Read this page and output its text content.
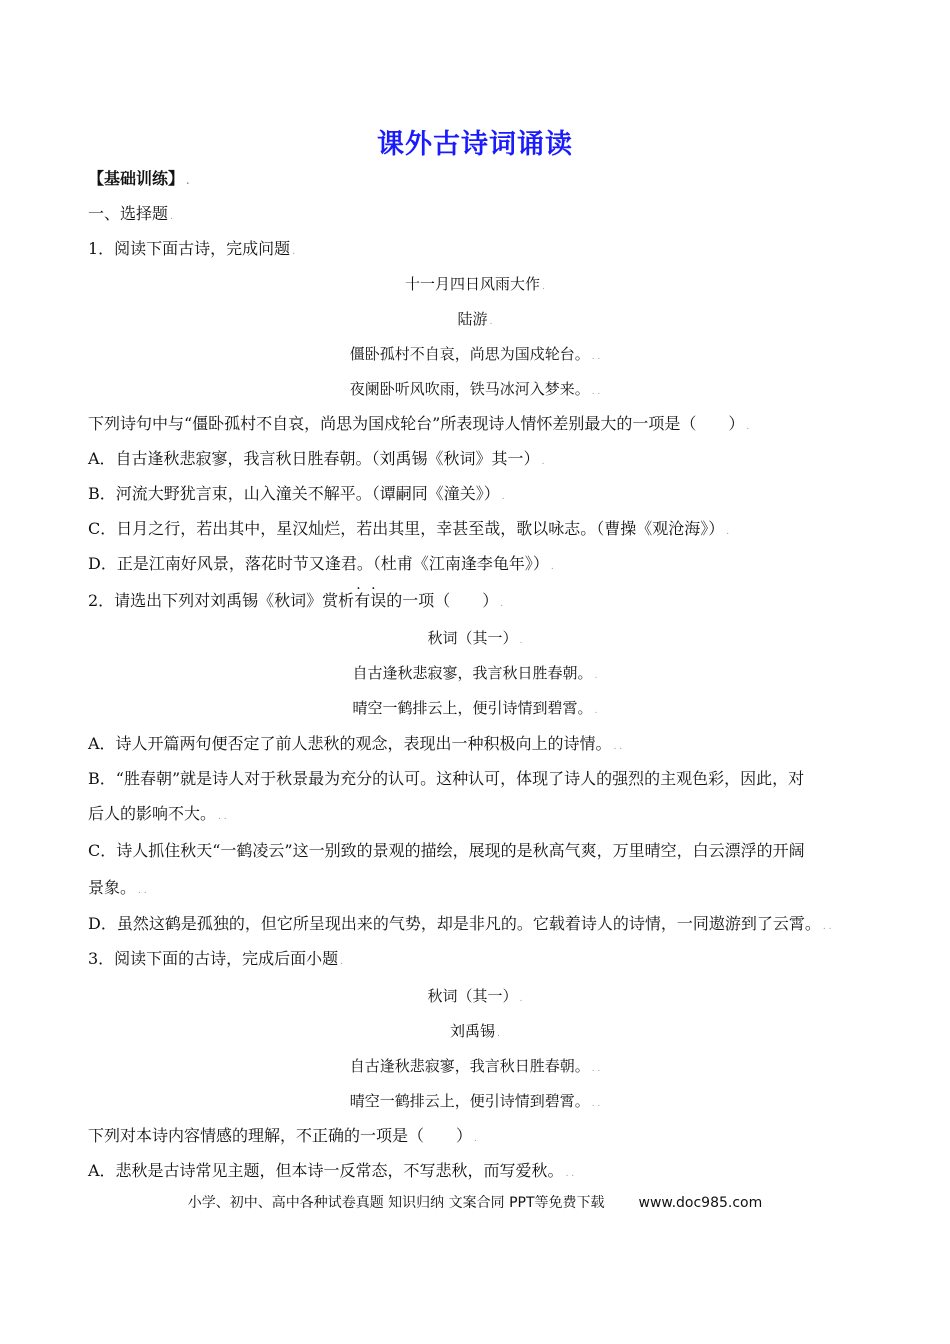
课外古诗词诵读
【基础训练】 .
一、选择题 .
1．阅读下面古诗，完成问题 .
十一月四日风雨大作 .
陆游 .
僵卧孤村不自哀，尚思为国戍轮台。 . .
夜阑卧听风吹雨，铁马冰河入梦来。 . .
下列诗句中与“僵卧孤村不自哀，尚思为国戍轮台”所表现诗人情怀差别最大的一项是（　　） .
A．自古逢秋悲寂寥，我言秋日胜春朝。（刘禹锡《秋词》其一） .
B．河流大野犹言束，山入潼关不解平。（谭嗣同《潼关》） .
C．日月之行，若出其中，星汉灿烂，若出其里，幸甚至哉，歌以咏志。（曹操《观沧海》） .
D．正是江南好风景，落花时节又逢君。（杜甫《江南逢李龟年》） .
2．请选出下列对刘禹锡《秋词》赏析有误 · ·的一项（　　） .
秋词（其一） .
自古逢秋悲寂寥，我言秋日胜春朝。 .
晴空一鹤排云上，便引诗情到碧霄。 .
A．诗人开篇两句便否定了前人悲秋的观念，表现出一种积极向上的诗情。 . .
B．“胜春朝”就是诗人对于秋景最为充分的认可。这种认可，体现了诗人的强烈的主观色彩，因此，对
后人的影响不大。 . .
C．诗人抓住秋天“一鹤凌云”这一别致的景观的描绘，展现的是秋高气爽，万里晴空，白云漂浮的开阔
景象。 . .
D．虽然这鹤是孤独的，但它所呈现出来的气势，却是非凡的。它载着诗人的诗情，一同遨游到了云霄。 . .
3．阅读下面的古诗，完成后面小题 .
秋词（其一） .
刘禹锡 .
自古逢秋悲寂寥，我言秋日胜春朝。 . .
晴空一鹤排云上，便引诗情到碧霄。 . .
下列对本诗内容情感的理解，不正确的一项是（　　） .
A．悲秋是古诗常见主题，但本诗一反常态，不写悲秋，而写爱秋。 . .
小学、初中、高中各种试卷真题 知识归纳 文案合同 PPT等免费下载 www.doc985.com
